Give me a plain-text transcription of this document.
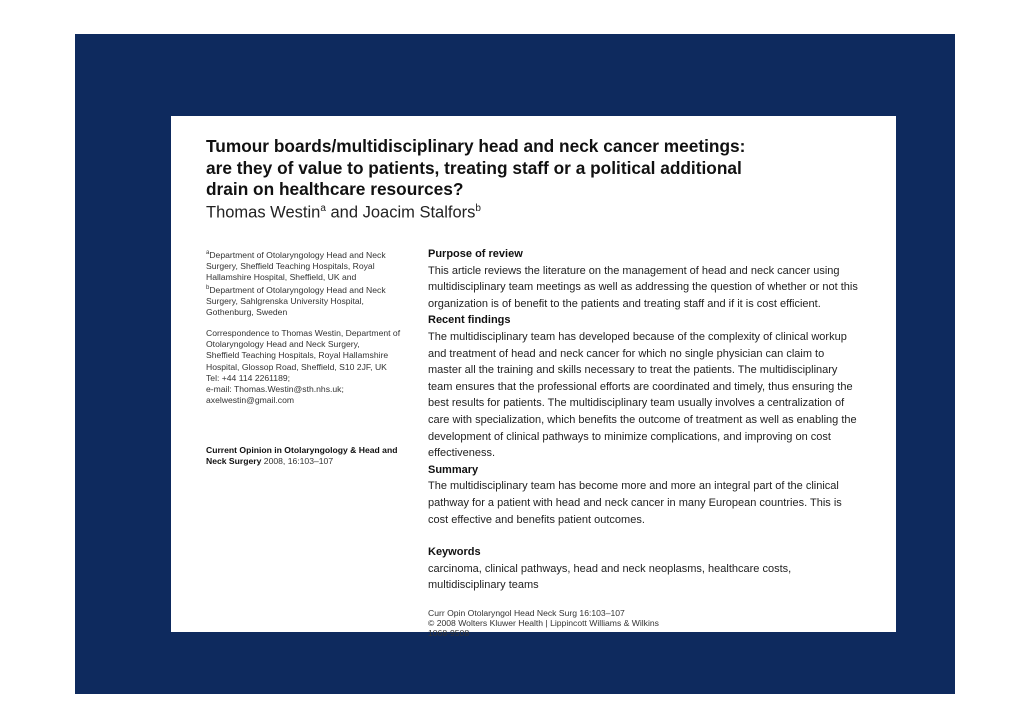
Tumour boards/multidisciplinary head and neck cancer meetings:
are they of value to patients, treating staff or a political additional
drain on healthcare resources?
Thomas Westin$^a$ and Joacim Stalfors$^b$
$^a$Department of Otolaryngology Head and Neck
Surgery, Sheffield Teaching Hospitals, Royal
Hallamshire Hospital, Sheffield, UK and
$^b$Department of Otolaryngology Head and Neck
Surgery, Sahlgrenska University Hospital,
Gothenburg, Sweden
Correspondence to Thomas Westin, Department of
Otolaryngology Head and Neck Surgery,
Sheffield Teaching Hospitals, Royal Hallamshire
Hospital, Glossop Road, Sheffield, S10 2JF, UK
Tel: +44 114 2261189;
e-mail: Thomas.Westin@sth.nhs.uk;
axelwestin@gmail.com
Current Opinion in Otolaryngology & Head and
Neck Surgery 2008, 16:103–107
Purpose of review
This article reviews the literature on the management of head and neck cancer using
multidisciplinary team meetings as well as addressing the question of whether or not this
organization is of benefit to the patients and treating staff and if it is cost efficient.
Recent findings
The multidisciplinary team has developed because of the complexity of clinical workup
and treatment of head and neck cancer for which no single physician can claim to
master all the training and skills necessary to treat the patients. The multidisciplinary
team ensures that the professional efforts are coordinated and timely, thus ensuring the
best results for patients. The multidisciplinary team usually involves a centralization of
care with specialization, which benefits the outcome of treatment as well as enabling the
development of clinical pathways to minimize complications, and improving on cost
effectiveness.
Summary
The multidisciplinary team has become more and more an integral part of the clinical
pathway for a patient with head and neck cancer in many European countries. This is
cost effective and benefits patient outcomes.
Keywords
carcinoma, clinical pathways, head and neck neoplasms, healthcare costs,
multidisciplinary teams
Curr Opin Otolaryngol Head Neck Surg 16:103–107
© 2008 Wolters Kluwer Health | Lippincott Williams & Wilkins
1068-9508
